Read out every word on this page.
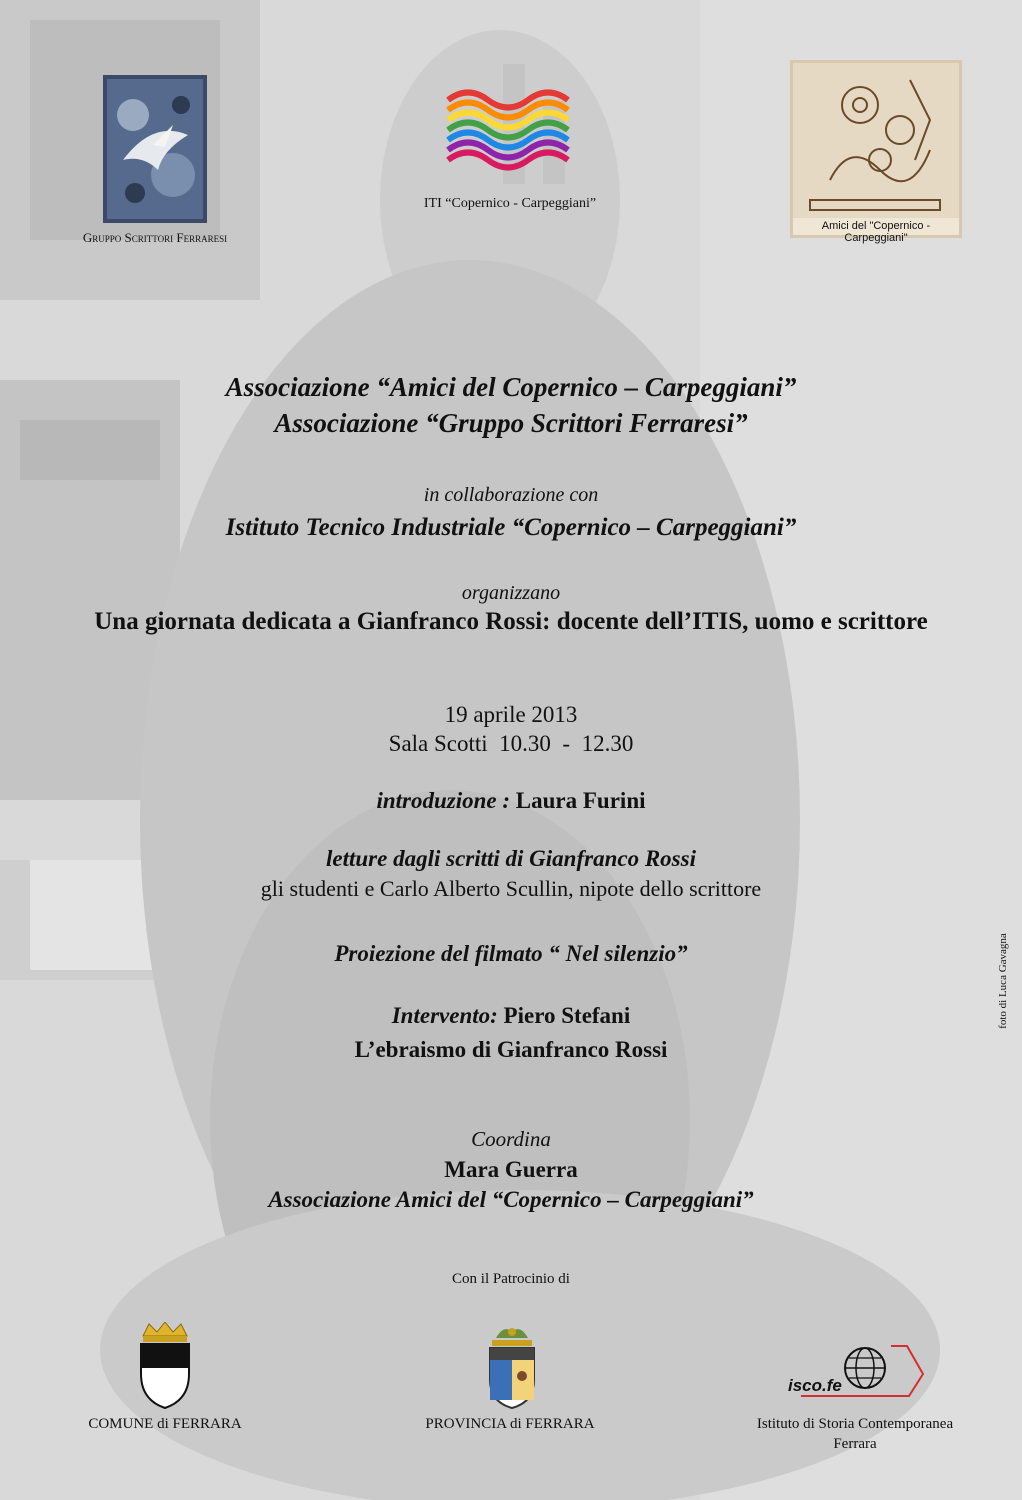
Gruppo Scrittori Ferraresi
ITI “Copernico - Carpeggiani”
Amici del "Copernico - Carpeggiani"
Associazione “Amici del Copernico – Carpeggiani”
Associazione “Gruppo Scrittori Ferraresi”
in collaborazione con
Istituto Tecnico Industriale “Copernico – Carpeggiani”
organizzano
Una giornata dedicata a Gianfranco Rossi: docente dell’ITIS, uomo e scrittore
19 aprile 2013
Sala Scotti  10.30  -  12.30
introduzione : Laura Furini
letture dagli scritti di Gianfranco Rossi
gli studenti e Carlo Alberto Scullin, nipote dello scrittore
Proiezione del filmato “ Nel silenzio”
Intervento: Piero Stefani
L’ebraismo di Gianfranco Rossi
Coordina
Mara Guerra
Associazione Amici del “Copernico – Carpeggiani”
Con il Patrocinio di
COMUNE di FERRARA	PROVINCIA di FERRARA
isco.fe
Istituto di Storia Contemporanea
Ferrara
foto di Luca Gavagna
